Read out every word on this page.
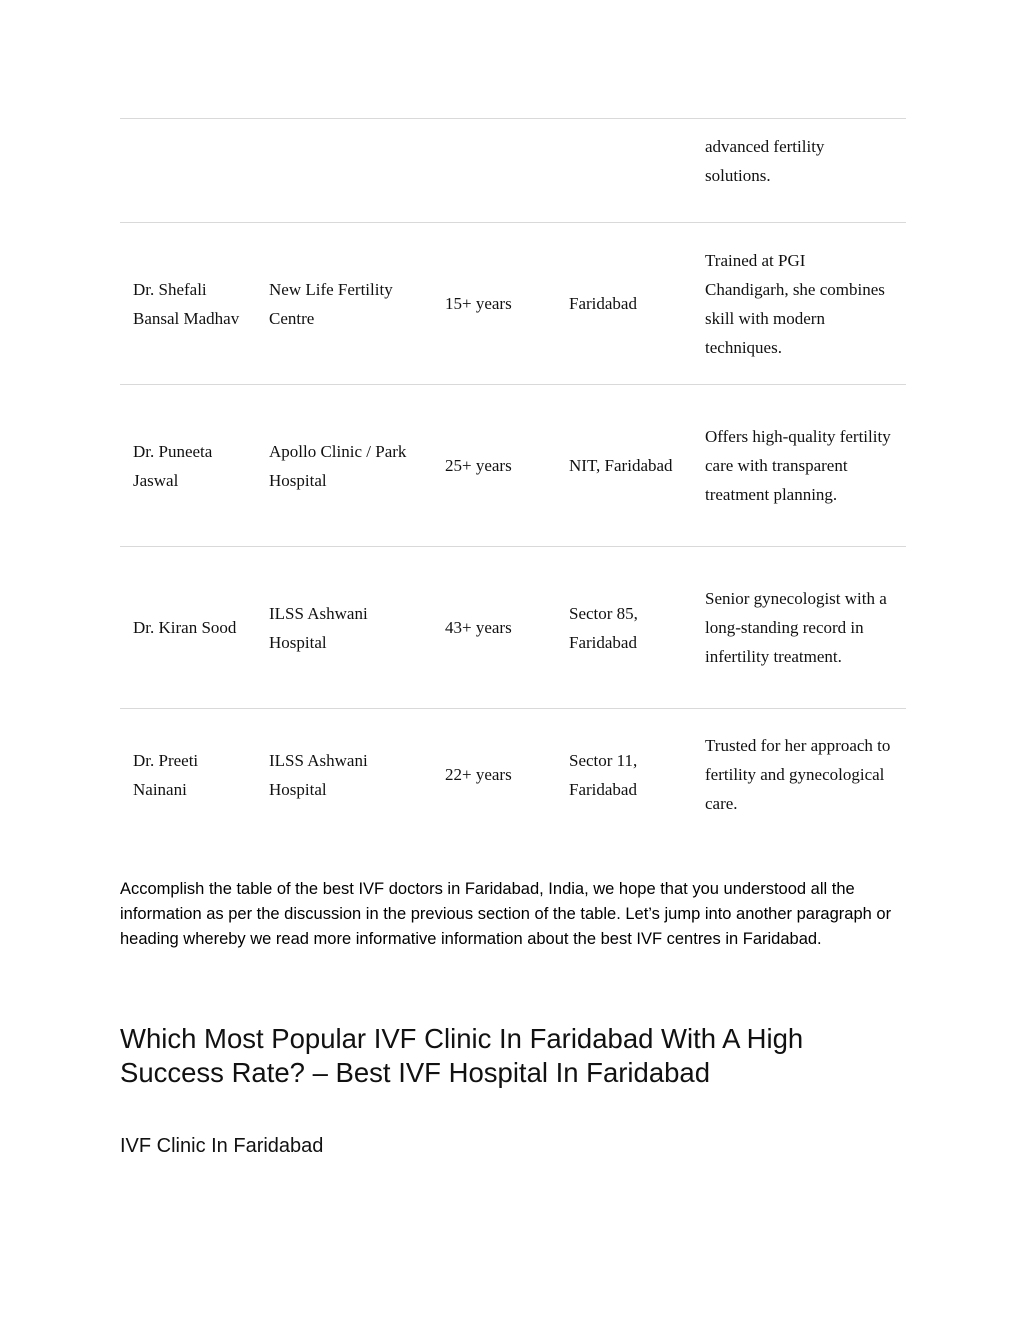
				advanced fertility solutions.
Dr. Shefali Bansal Madhav	New Life Fertility Centre	15+ years	Faridabad	Trained at PGI Chandigarh, she combines skill with modern techniques.
Dr. Puneeta Jaswal	Apollo Clinic / Park Hospital	25+ years	NIT, Faridabad	Offers high-quality fertility care with transparent treatment planning.
Dr. Kiran Sood	ILSS Ashwani Hospital	43+ years	Sector 85, Faridabad	Senior gynecologist with a long-standing record in infertility treatment.
Dr. Preeti Nainani	ILSS Ashwani Hospital	22+ years	Sector 11, Faridabad	Trusted for her approach to fertility and gynecological care.

Accomplish the table of the best IVF doctors in Faridabad, India, we hope that you understood all the information as per the discussion in the previous section of the table. Let’s jump into another paragraph or heading whereby we read more informative information about the best IVF centres in Faridabad.

Which Most Popular IVF Clinic In Faridabad With A High Success Rate? – Best IVF Hospital In Faridabad
IVF Clinic In Faridabad
